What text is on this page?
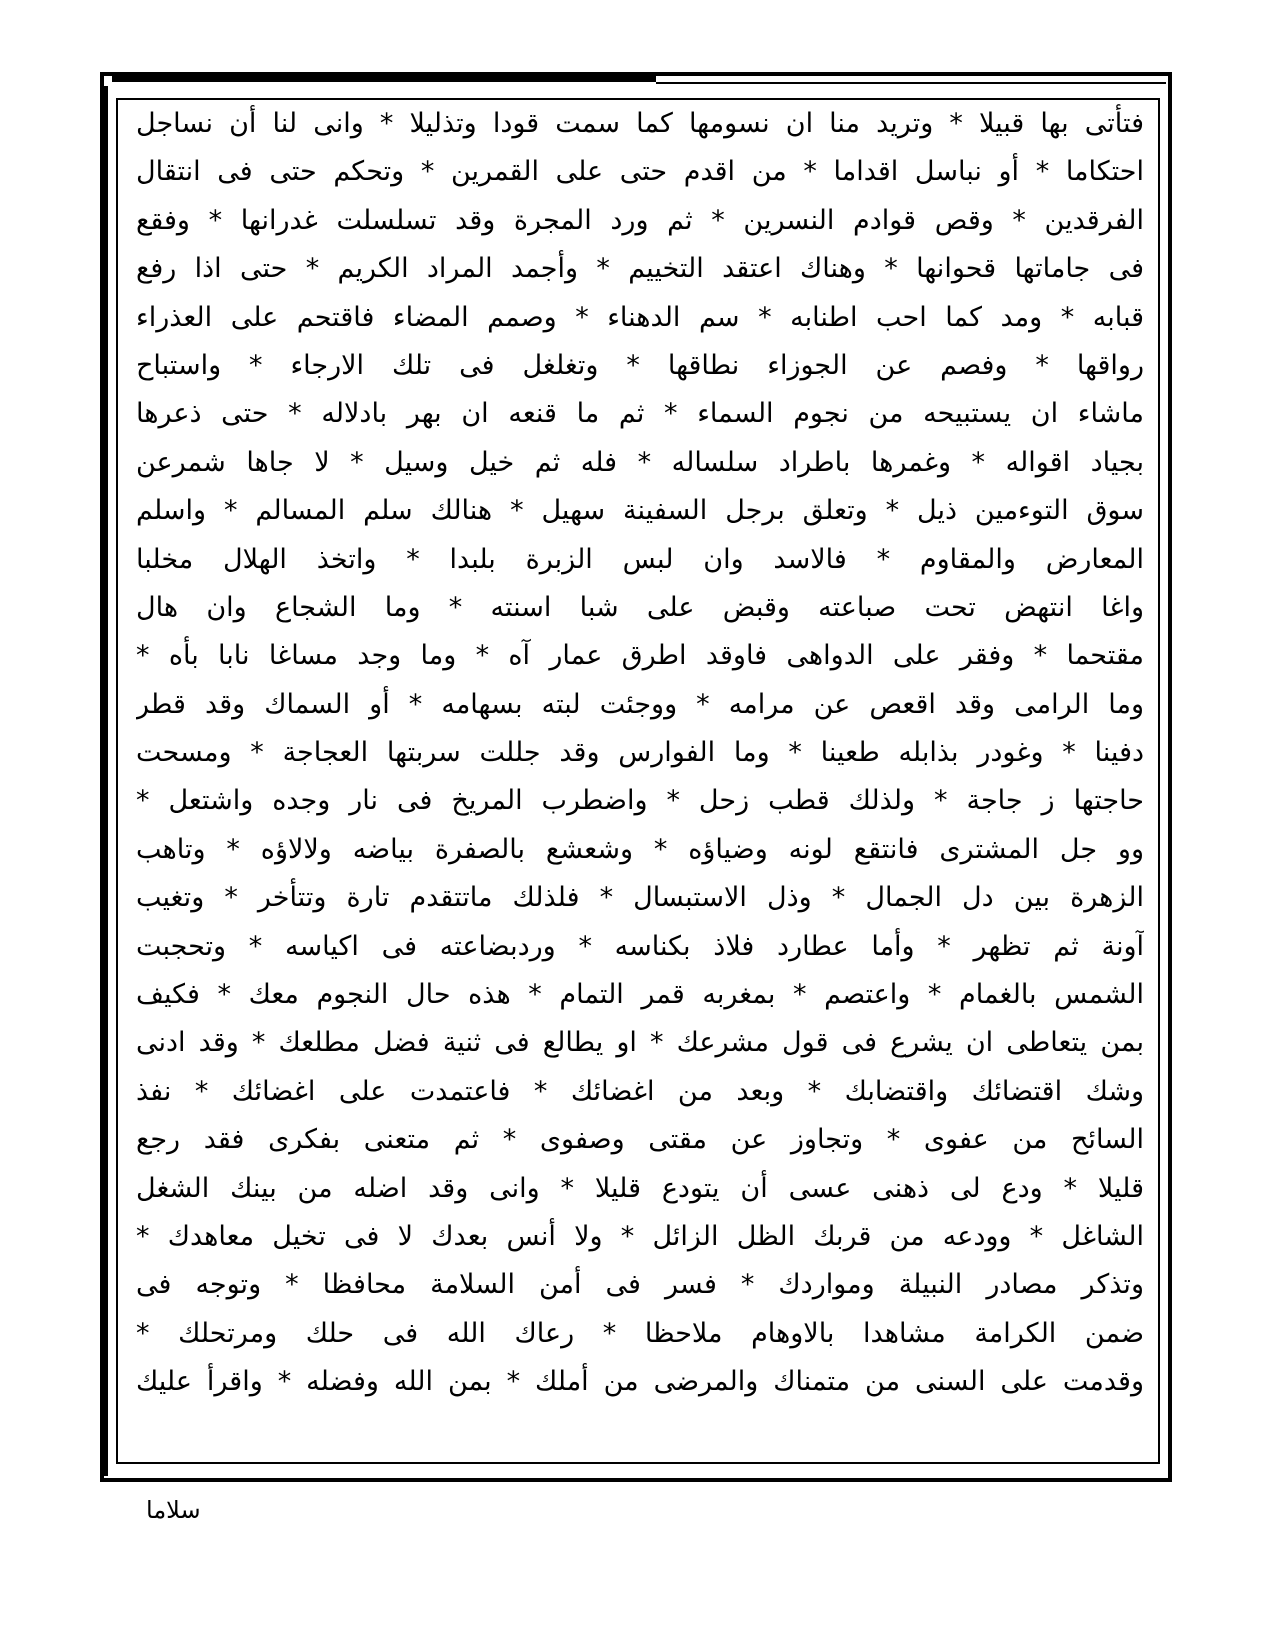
فتأتى بها قبيلا * وتريد منا ان نسومها كما سمت قودا وتذليلا * وانى لنا أن نساجل
احتكاما * أو نباسل اقداما * من اقدم حتى على القمرين * وتحكم حتى فى انتقال
الفرقدين * وقص قوادم النسرين * ثم ورد المجرة وقد تسلسلت غدرانها * وفقع
فى جاماتها قحوانها * وهناك اعتقد التخييم * وأجمد المراد الكريم * حتى اذا رفع
قبابه * ومد كما احب اطنابه * سم الدهناء * وصمم المضاء فاقتحم على العذراء
رواقها * وفصم عن الجوزاء نطاقها * وتغلغل فى تلك الارجاء * واستباح
ماشاء ان يستبيحه من نجوم السماء * ثم ما قنعه ان بهر بادلاله * حتى ذعرها
بجياد اقواله * وغمرها باطراد سلساله * فله ثم خيل وسيل * لا جاها شمرعن
سوق التوءمين ذيل * وتعلق برجل السفينة سهيل * هنالك سلم المسالم * واسلم
المعارض والمقاوم * فالاسد وان لبس الزبرة بلبدا * واتخذ الهلال مخلبا
واغا انتهض تحت صباعته وقبض على شبا اسنته * وما الشجاع وان هال
مقتحما * وفقر على الدواهى فاوقد اطرق عمار آه * وما وجد مساغا نابا بأه *
وما الرامى وقد اقعص عن مرامه * ووجئت لبته بسهامه * أو السماك وقد قطر
دفينا * وغودر بذابله طعينا * وما الفوارس وقد جللت سربتها العجاجة * ومسحت
حاجتها ز جاجة * ولذلك قطب زحل * واضطرب المريخ فى نار وجده واشتعل *
وو جل المشترى فانتقع لونه وضياؤه * وشعشع بالصفرة بياضه ولالاؤه * وتاهب
الزهرة بين دل الجمال * وذل الاستبسال * فلذلك ماتتقدم تارة وتتأخر * وتغيب
آونة ثم تظهر * وأما عطارد فلاذ بكناسه * وردبضاعته فى اكياسه * وتحجبت
الشمس بالغمام * واعتصم * بمغربه قمر التمام * هذه حال النجوم معك * فكيف
بمن يتعاطى ان يشرع فى قول مشرعك * او يطالع فى ثنية فضل مطلعك * وقد ادنى
وشك اقتضائك واقتضابك * وبعد من اغضائك * فاعتمدت على اغضائك * نفذ
السائح من عفوى * وتجاوز عن مقتى وصفوى * ثم متعنى بفكرى فقد رجع
قليلا * ودع لى ذهنى عسى أن يتودع قليلا * وانى وقد اضله من بينك الشغل
الشاغل * وودعه من قربك الظل الزائل * ولا أنس بعدك لا فى تخيل معاهدك *
وتذكر مصادر النبيلة ومواردك * فسر فى أمن السلامة محافظا * وتوجه فى
ضمن الكرامة مشاهدا بالاوهام ملاحظا * رعاك الله فى حلك ومرتحلك *
وقدمت على السنى من متمناك والمرضى من أملك * بمن الله وفضله * واقرأ عليك
سلاما
